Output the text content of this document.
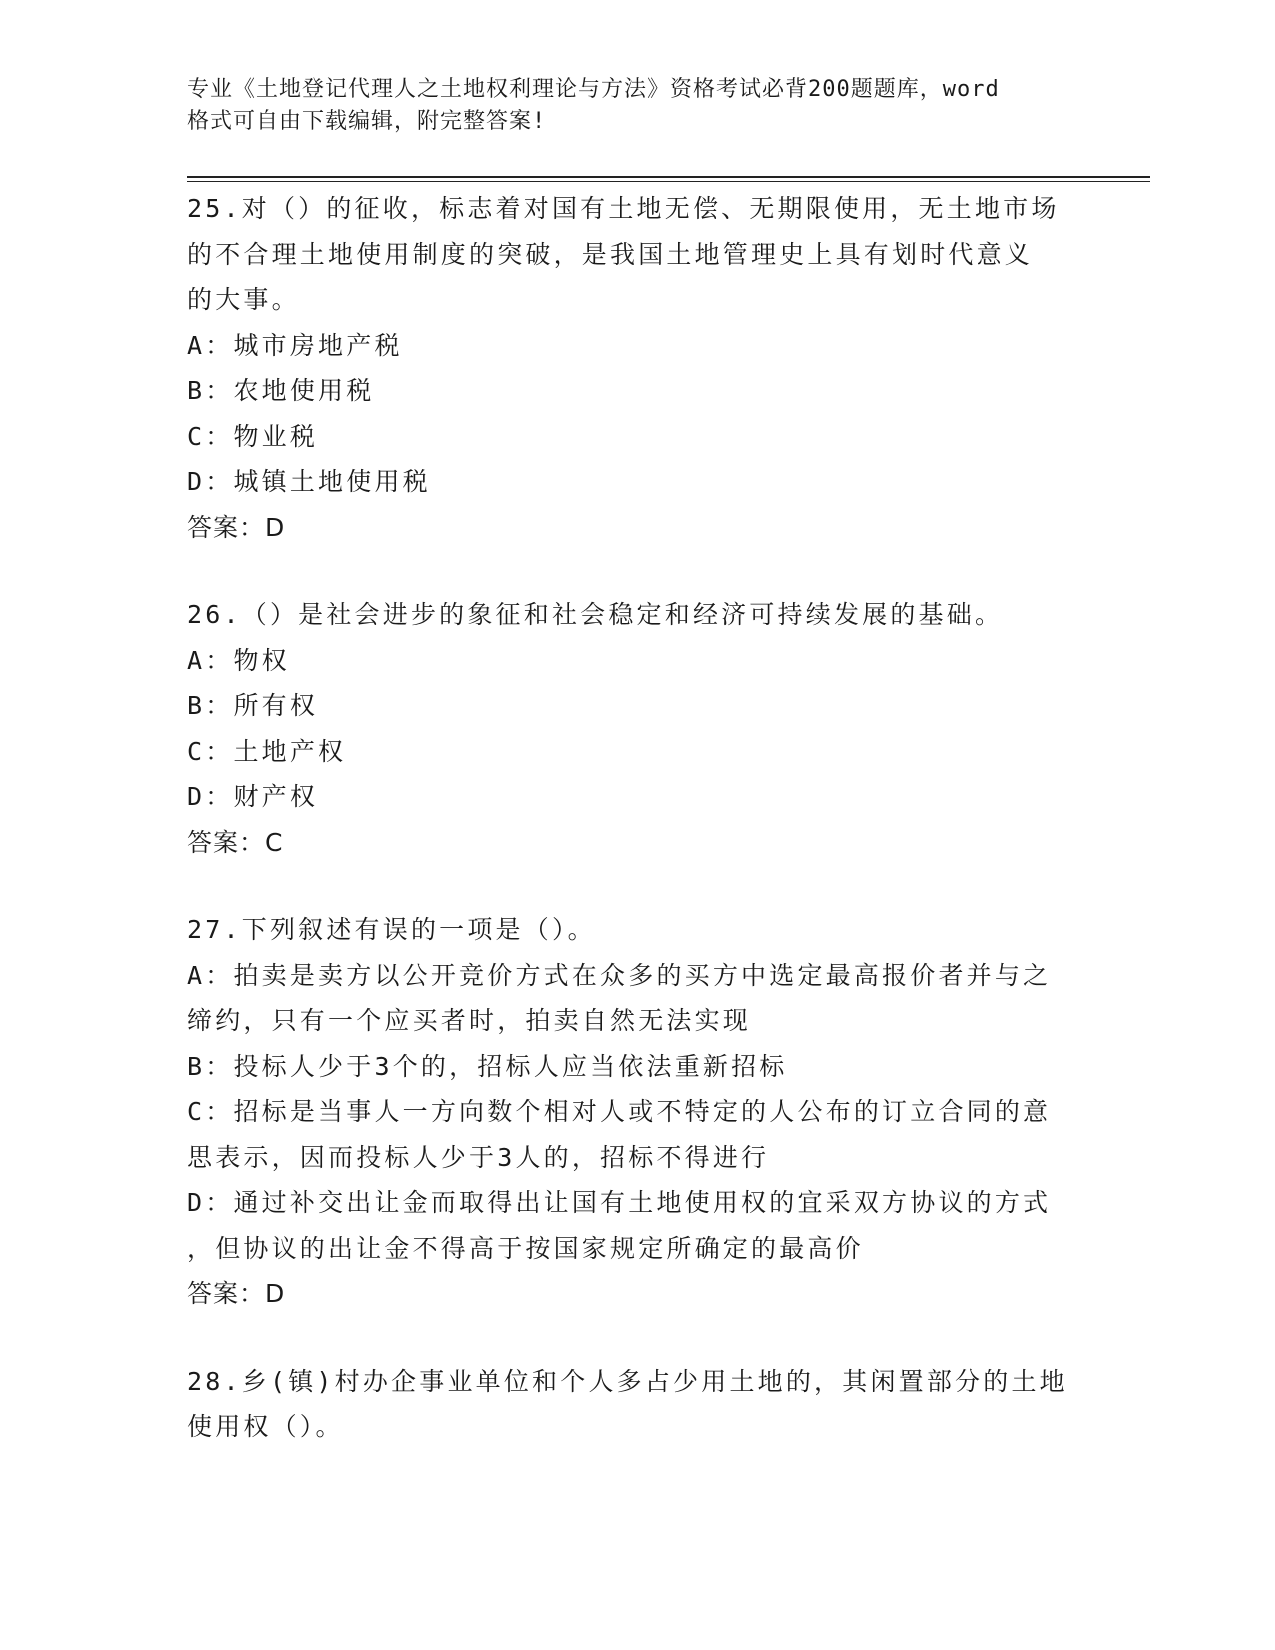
专业《土地登记代理人之土地权利理论与方法》资格考试必背200题题库，word
格式可自由下载编辑，附完整答案!

25.对（）的征收，标志着对国有土地无偿、无期限使用，无土地市场

的不合理土地使用制度的突破，是我国土地管理史上具有划时代意义

的大事。

A：城市房地产税

B：农地使用税

C：物业税

D：城镇土地使用税

答案：D

26.（）是社会进步的象征和社会稳定和经济可持续发展的基础。

A：物权

B：所有权

C：土地产权

D：财产权

答案：C

27.下列叙述有误的一项是（）。

A：拍卖是卖方以公开竞价方式在众多的买方中选定最高报价者并与之

缔约，只有一个应买者时，拍卖自然无法实现

B：投标人少于3个的，招标人应当依法重新招标

C：招标是当事人一方向数个相对人或不特定的人公布的订立合同的意

思表示，因而投标人少于3人的，招标不得进行

D：通过补交出让金而取得出让国有土地使用权的宜采双方协议的方式

，但协议的出让金不得高于按国家规定所确定的最高价

答案：D

28.乡(镇)村办企事业单位和个人多占少用土地的，其闲置部分的土地

使用权（）。
